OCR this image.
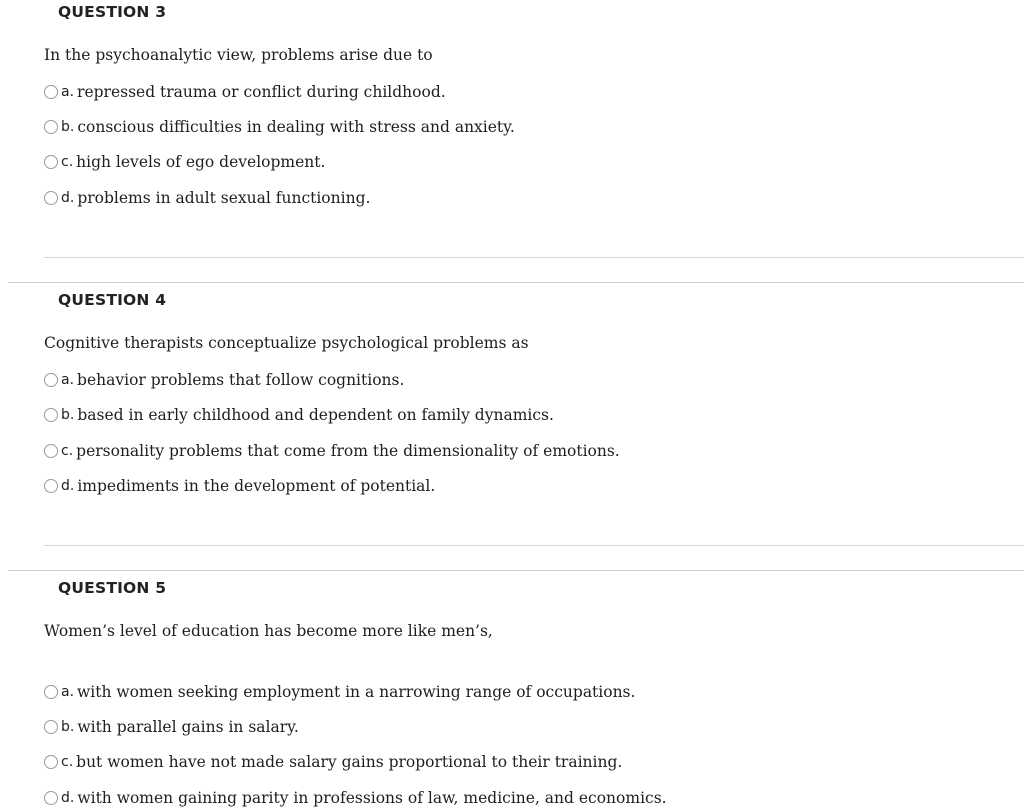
QUESTION 3
In the psychoanalytic view, problems arise due to
a. repressed trauma or conflict during childhood.
b. conscious difficulties in dealing with stress and anxiety.
c. high levels of ego development.
d. problems in adult sexual functioning.
QUESTION 4
Cognitive therapists conceptualize psychological problems as
a. behavior problems that follow cognitions.
b. based in early childhood and dependent on family dynamics.
c. personality problems that come from the dimensionality of emotions.
d. impediments in the development of potential.
QUESTION 5
Women’s level of education has become more like men’s,
a. with women seeking employment in a narrowing range of occupations.
b. with parallel gains in salary.
c. but women have not made salary gains proportional to their training.
d. with women gaining parity in professions of law, medicine, and economics.
